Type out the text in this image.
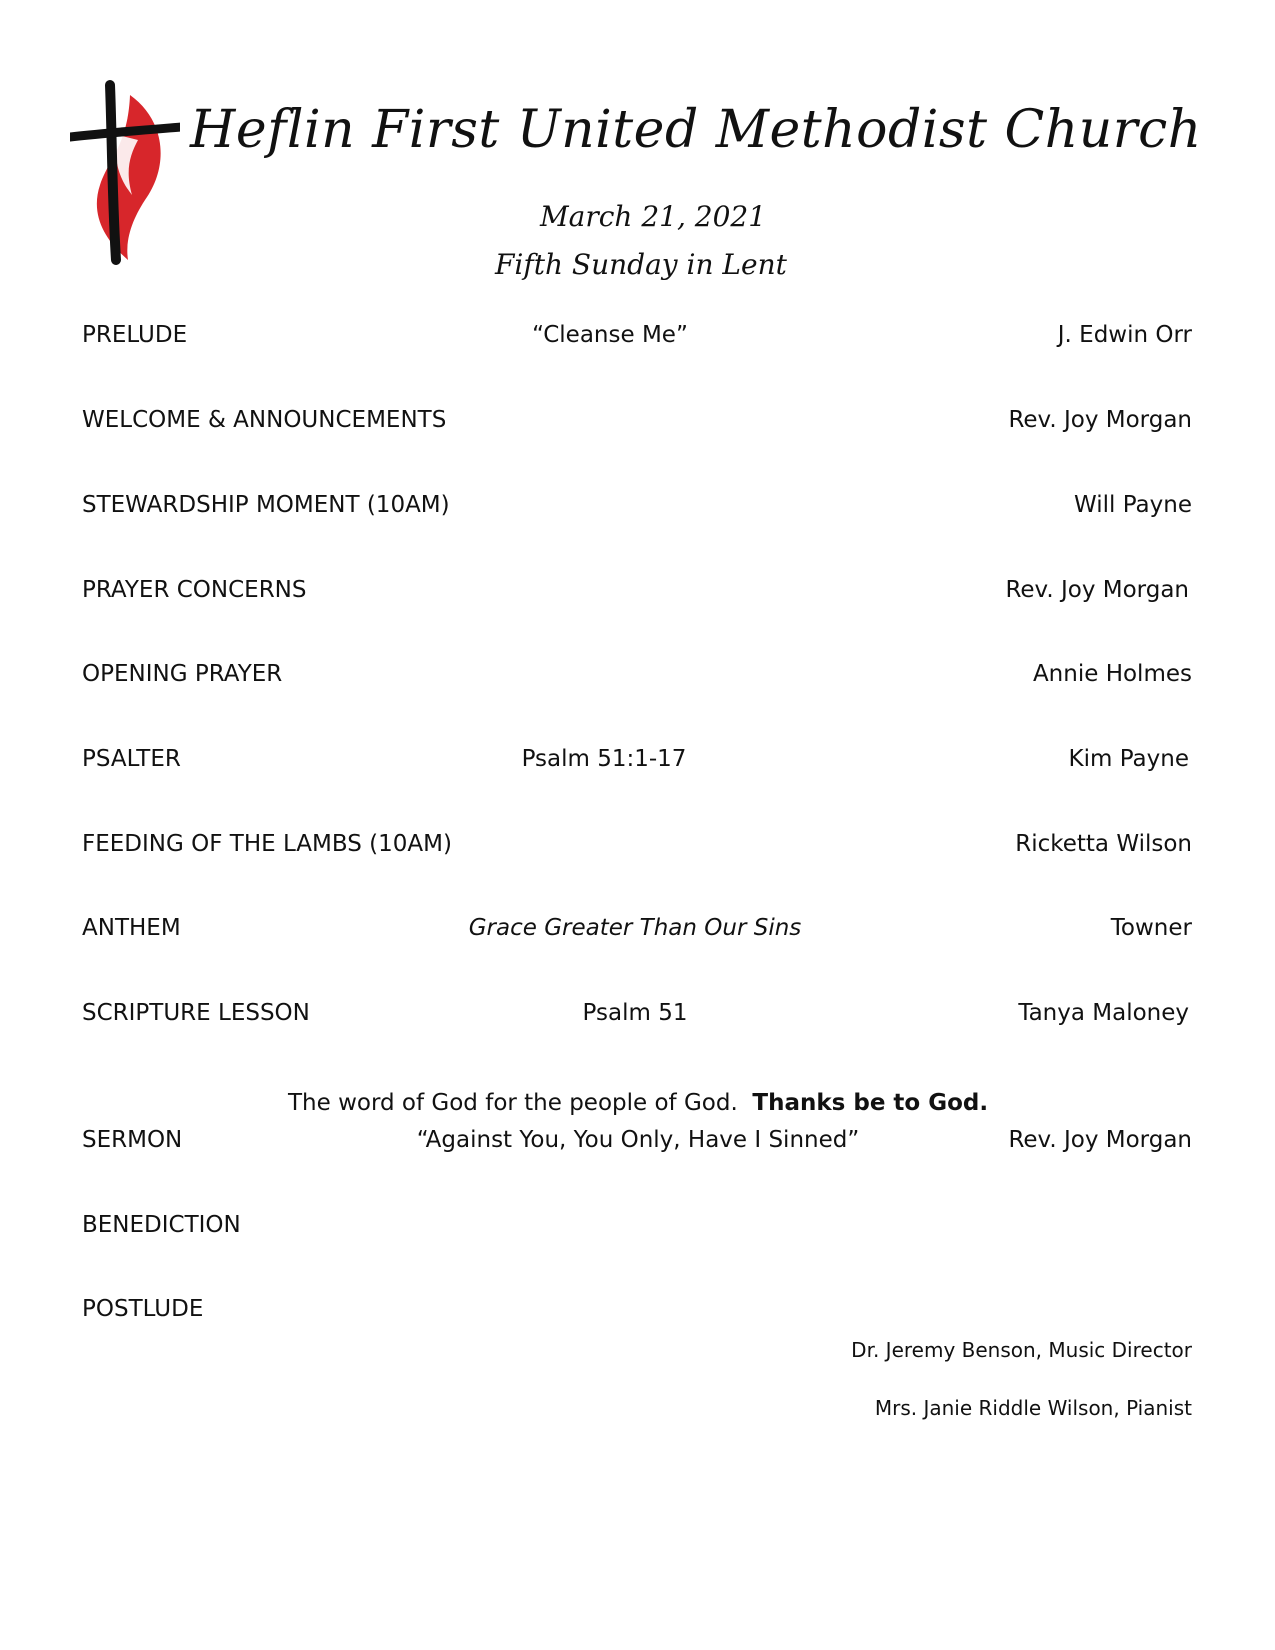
Heflin First United Methodist Church
March 21, 2021
Fifth Sunday in Lent
PRELUDE	“Cleanse Me”	J. Edwin Orr
WELCOME & ANNOUNCEMENTS	Rev. Joy Morgan
STEWARDSHIP MOMENT (10AM)	Will Payne
PRAYER CONCERNS	Rev. Joy Morgan
OPENING PRAYER	Annie Holmes
PSALTER	Psalm 51:1-17	Kim Payne
FEEDING OF THE LAMBS (10AM)	Ricketta Wilson
ANTHEM	Grace Greater Than Our Sins	Towner
SCRIPTURE LESSON	Psalm 51	Tanya Maloney
The word of God for the people of God. Thanks be to God.
SERMON	“Against You, You Only, Have I Sinned”	Rev. Joy Morgan
BENEDICTION
POSTLUDE
Dr. Jeremy Benson, Music Director
Mrs. Janie Riddle Wilson, Pianist
